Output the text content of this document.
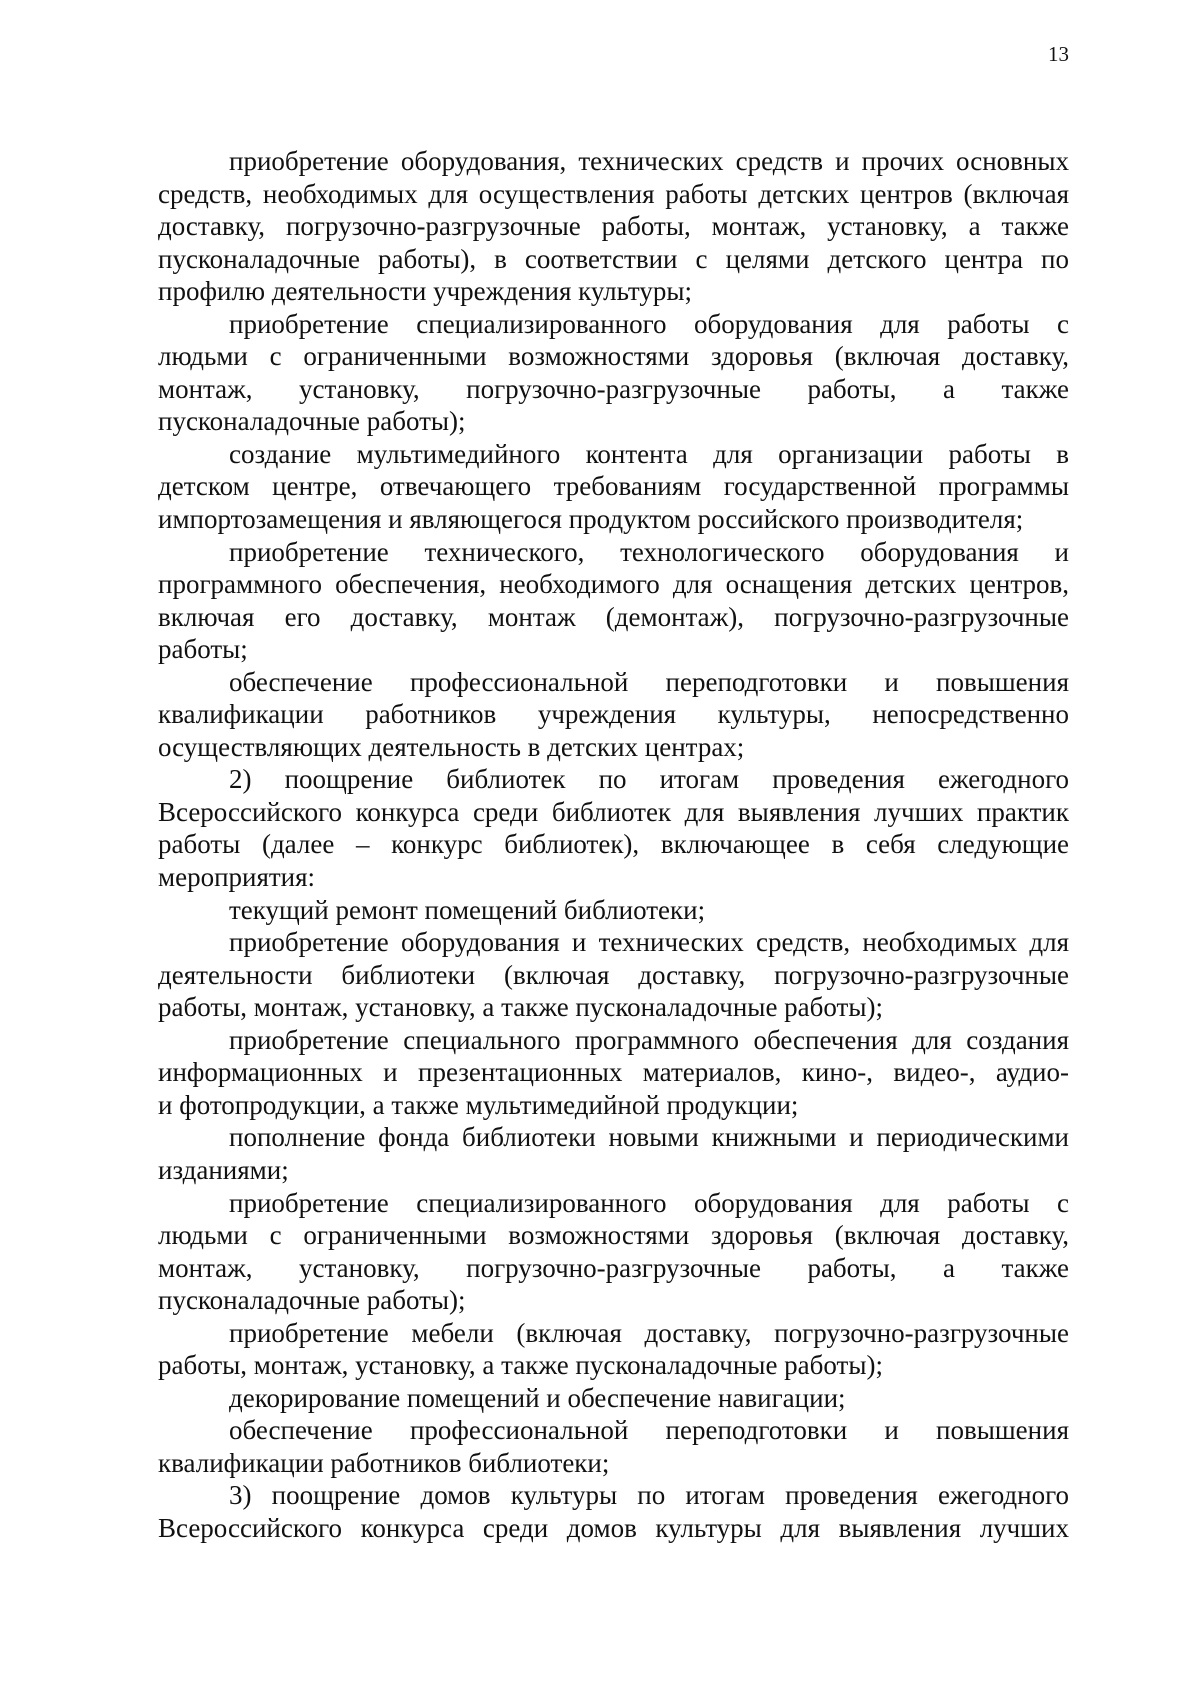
13
приобретение оборудования, технических средств и прочих основных
средств, необходимых для осуществления работы детских центров (включая
доставку, погрузочно-разгрузочные работы, монтаж, установку, а также
пусконаладочные работы), в соответствии с целями детского центра по
профилю деятельности учреждения культуры;
приобретение специализированного оборудования для работы с
людьми с ограниченными возможностями здоровья (включая доставку,
монтаж, установку, погрузочно-разгрузочные работы, а также
пусконаладочные работы);
создание мультимедийного контента для организации работы в
детском центре, отвечающего требованиям государственной программы
импортозамещения и являющегося продуктом российского производителя;
приобретение технического, технологического оборудования и
программного обеспечения, необходимого для оснащения детских центров,
включая его доставку, монтаж (демонтаж), погрузочно-разгрузочные
работы;
обеспечение профессиональной переподготовки и повышения
квалификации работников учреждения культуры, непосредственно
осуществляющих деятельность в детских центрах;
2) поощрение библиотек по итогам проведения ежегодного
Всероссийского конкурса среди библиотек для выявления лучших практик
работы (далее – конкурс библиотек), включающее в себя следующие
мероприятия:
текущий ремонт помещений библиотеки;
приобретение оборудования и технических средств, необходимых для
деятельности библиотеки (включая доставку, погрузочно-разгрузочные
работы, монтаж, установку, а также пусконаладочные работы);
приобретение специального программного обеспечения для создания
информационных и презентационных материалов, кино-, видео-, аудио-
и фотопродукции, а также мультимедийной продукции;
пополнение фонда библиотеки новыми книжными и периодическими
изданиями;
приобретение специализированного оборудования для работы с
людьми с ограниченными возможностями здоровья (включая доставку,
монтаж, установку, погрузочно-разгрузочные работы, а также
пусконаладочные работы);
приобретение мебели (включая доставку, погрузочно-разгрузочные
работы, монтаж, установку, а также пусконаладочные работы);
декорирование помещений и обеспечение навигации;
обеспечение профессиональной переподготовки и повышения
квалификации работников библиотеки;
3) поощрение домов культуры по итогам проведения ежегодного
Всероссийского конкурса среди домов культуры для выявления лучших
